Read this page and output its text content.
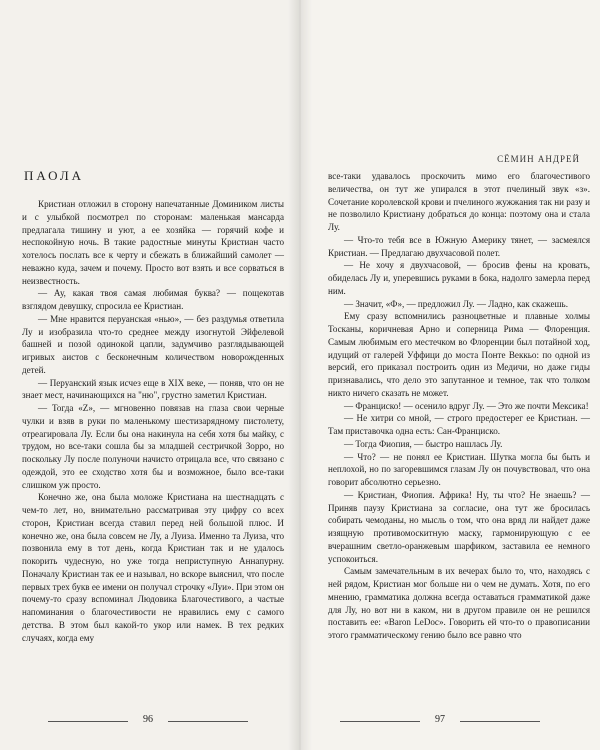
ПАОЛА

Кристиан отложил в сторону напечатанные Домиником листы и с улыбкой посмотрел по сторонам: маленькая мансарда предлагала тишину и уют, а ее хозяйка — горячий кофе и неспокойную ночь. В такие радостные минуты Кристиан часто хотелось послать все к черту и сбежать в ближайший самолет — неважно куда, зачем и почему. Просто вот взять и все сорваться в неизвестность.

— Ау, какая твоя самая любимая буква? — пощекотав взглядом девушку, спросила ее Кристиан.

— Мне нравится перуанская «нью», — без раздумья ответила Лу и изобразила что-то среднее между изогнутой Эйфелевой башней и позой одинокой цапли, задумчиво разглядывающей игривых аистов с бесконечным количеством новорожденных детей.

— Перуанский язык исчез еще в XIX веке, — поняв, что он не знает мест, начинающихся на "ню", грустно заметил Кристиан.

— Тогда «Z», — мгновенно повязав на глаза свои черные чулки и взяв в руки по маленькому шестизарядному пистолету, отреагировала Лу. Если бы она накинула на себя хотя бы майку, с трудом, но все-таки сошла бы за младшей сестричкой Зорро, но поскольку Лу после полуночи начисто отрицала все, что связано с одеждой, это ее сходство хотя бы и возможное, было все-таки слишком уж просто.

Конечно же, она была моложе Кристиана на шестнадцать с чем-то лет, но, внимательно рассматривая эту цифру со всех сторон, Кристиан всегда ставил перед ней большой плюс. И конечно же, она была совсем не Лу, а Луиза. Именно та Луиза, что позвонила ему в тот день, когда Кристиан так и не удалось покорить чудесную, но уже тогда неприступную Аннапурну. Поначалу Кристиан так ее и называл, но вскоре выяснил, что после первых трех букв ее имени он получал строчку «Луи». При этом он почему-то сразу вспоминал Людовика Благочестивого, а частые напоминания о благочестивости не нравились ему с самого детства. В этом был какой-то укор или намек. В тех редких случаях, когда ему

96
СЁМИН АНДРЕЙ

все-таки удавалось проскочить мимо его благочестивого величества, он тут же упирался в этот пчелиный звук «з». Сочетание королевской крови и пчелиного жужжания так ни разу и не позволило Кристиану добраться до конца: поэтому она и стала Лу.

— Что-то тебя все в Южную Америку тянет, — засмеялся Кристиан. — Предлагаю двухчасовой полет.

— Не хочу я двухчасовой, — бросив фены на кровать, обиделась Лу и, уперевшись руками в бока, надолго замерла перед ним.

— Значит, «Ф», — предложил Лу. — Ладно, как скажешь.

Ему сразу вспомнились разноцветные и плавные холмы Тосканы, коричневая Арно и соперница Рима — Флоренция. Самым любимым его местечком во Флоренции был потайной ход, идущий от галерей Уффици до моста Понте Веккьо: по одной из версий, его приказал построить один из Медичи, но даже гиды признавались, что дело это запутанное и темное, так что толком никто ничего сказать не может.

— Франциско! — осенило вдруг Лу. — Это же почти Мексика!

— Не хитри со мной, — строго предостерег ее Кристиан. — Там приставочка одна есть: Сан-Франциско.

— Тогда Фиопия, — быстро нашлась Лу.

— Что? — не понял ее Кристиан. Шутка могла бы быть и неплохой, но по загоревшимся глазам Лу он почувствовал, что она говорит абсолютно серьезно.

— Кристиан, Фиопия. Африка! Ну, ты что? Не знаешь? — Приняв паузу Кристиана за согласие, она тут же бросилась собирать чемоданы, но мысль о том, что она вряд ли найдет даже изящную противомоскитную маску, гармонирующую с ее вчерашним светло-оранжевым шарфиком, заставила ее немного успокоиться.

Самым замечательным в их вечерах было то, что, находясь с ней рядом, Кристиан мог больше ни о чем не думать. Хотя, по его мнению, грамматика должна всегда оставаться грамматикой даже для Лу, но вот ни в каком, ни в другом правиле он не решился поставить ее: «Baron LeDoc». Говорить ей что-то о правописании этого грамматическому гению было все равно что

97
